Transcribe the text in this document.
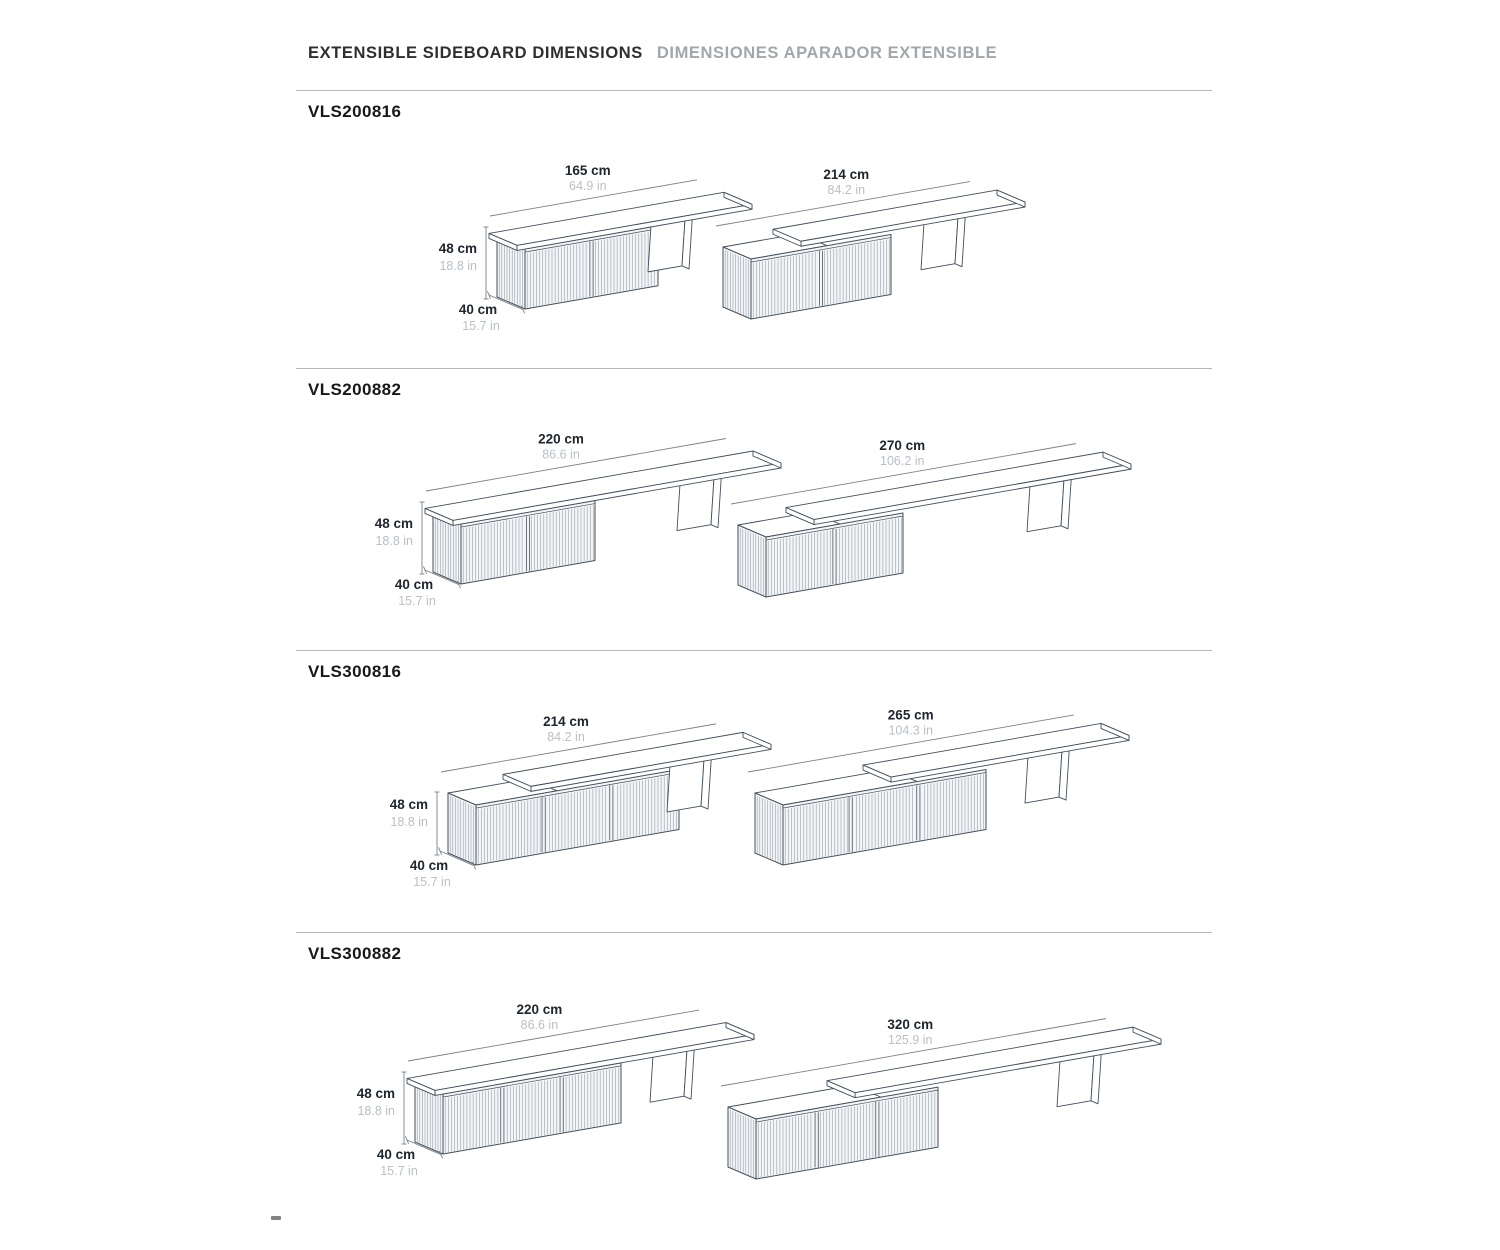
EXTENSIBLE SIDEBOARD DIMENSIONS DIMENSIONES APARADOR EXTENSIBLE
VLS200816
165 cm
64.9 in
48 cm
18.8 in
40 cm
15.7 in
214 cm
84.2 in
VLS200882
220 cm
86.6 in
48 cm
18.8 in
40 cm
15.7 in
270 cm
106.2 in
VLS300816
214 cm
84.2 in
48 cm
18.8 in
40 cm
15.7 in
265 cm
104.3 in
VLS300882
220 cm
86.6 in
48 cm
18.8 in
40 cm
15.7 in
320 cm
125.9 in
